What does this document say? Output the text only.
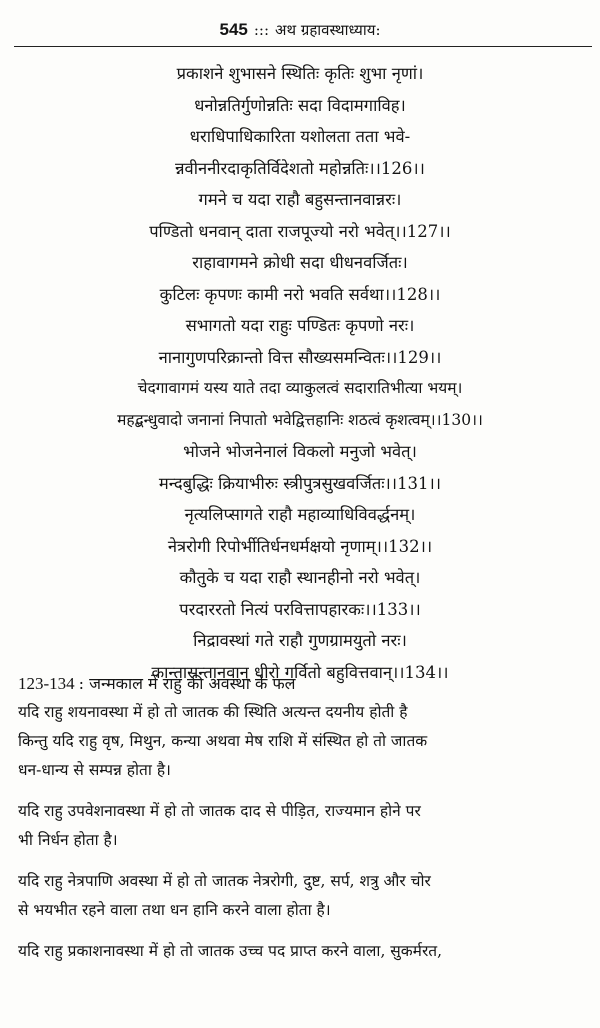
545 ::: अथ ग्रहावस्थाध्याय:
प्रकाशने शुभासने स्थितिः कृतिः शुभा नृणां।
धनोन्नतिर्गुणोन्नतिः सदा विदामगाविह।
धराधिपाधिकारिता यशोलता तता भवे-
न्नवीननीरदाकृतिर्विदेशतो महोन्नतिः।।126।।
गमने च यदा राहौ बहुसन्तानवान्नरः।
पण्डितो धनवान् दाता राजपूज्यो नरो भवेत्।।127।।
राहावागमने क्रोधी सदा धीधनवर्जितः।
कुटिलः कृपणः कामी नरो भवति सर्वथा।।128।।
सभागतो यदा राहुः पण्डितः कृपणो नरः।
नानागुणपरिक्रान्तो वित्त सौख्यसमन्वितः।।129।।
चेदगावागमं यस्य याते तदा व्याकुलत्वं सदारातिभीत्या भयम्।
महद्बन्धुवादो जनानां निपातो भवेद्वित्तहानिः शठत्वं कृशत्वम्।।130।।
भोजने भोजनेनालं विकलो मनुजो भवेत्।
मन्दबुद्धिः क्रियाभीरुः स्त्रीपुत्रसुखवर्जितः।।131।।
नृत्यलिप्सागते राहौ महाव्याधिविवर्द्धनम्।
नेत्ररोगी रिपोर्भीतिर्धनधर्मक्षयो नृणाम्।।132।।
कौतुके च यदा राहौ स्थानहीनो नरो भवेत्।
परदाररतो नित्यं परवित्तापहारकः।।133।।
निद्रावस्थां गते राहौ गुणग्रामयुतो नरः।
कान्तासन्तानवान् धीरो गर्वितो बहुवित्तवान्।।134।।
123-134 : जन्मकाल में राहु की अवस्था के फल
यदि राहु शयनावस्था में हो तो जातक की स्थिति अत्यन्त दयनीय होती है
किन्तु यदि राहु वृष, मिथुन, कन्या अथवा मेष राशि में संस्थित हो तो जातक
धन-धान्य से सम्पन्न होता है।
यदि राहु उपवेशनावस्था में हो तो जातक दाद से पीड़ित, राज्यमान होने पर
भी निर्धन होता है।
यदि राहु नेत्रपाणि अवस्था में हो तो जातक नेत्ररोगी, दुष्ट, सर्प, शत्रु और चोर
से भयभीत रहने वाला तथा धन हानि करने वाला होता है।
यदि राहु प्रकाशनावस्था में हो तो जातक उच्च पद प्राप्त करने वाला, सुकर्मरत,
